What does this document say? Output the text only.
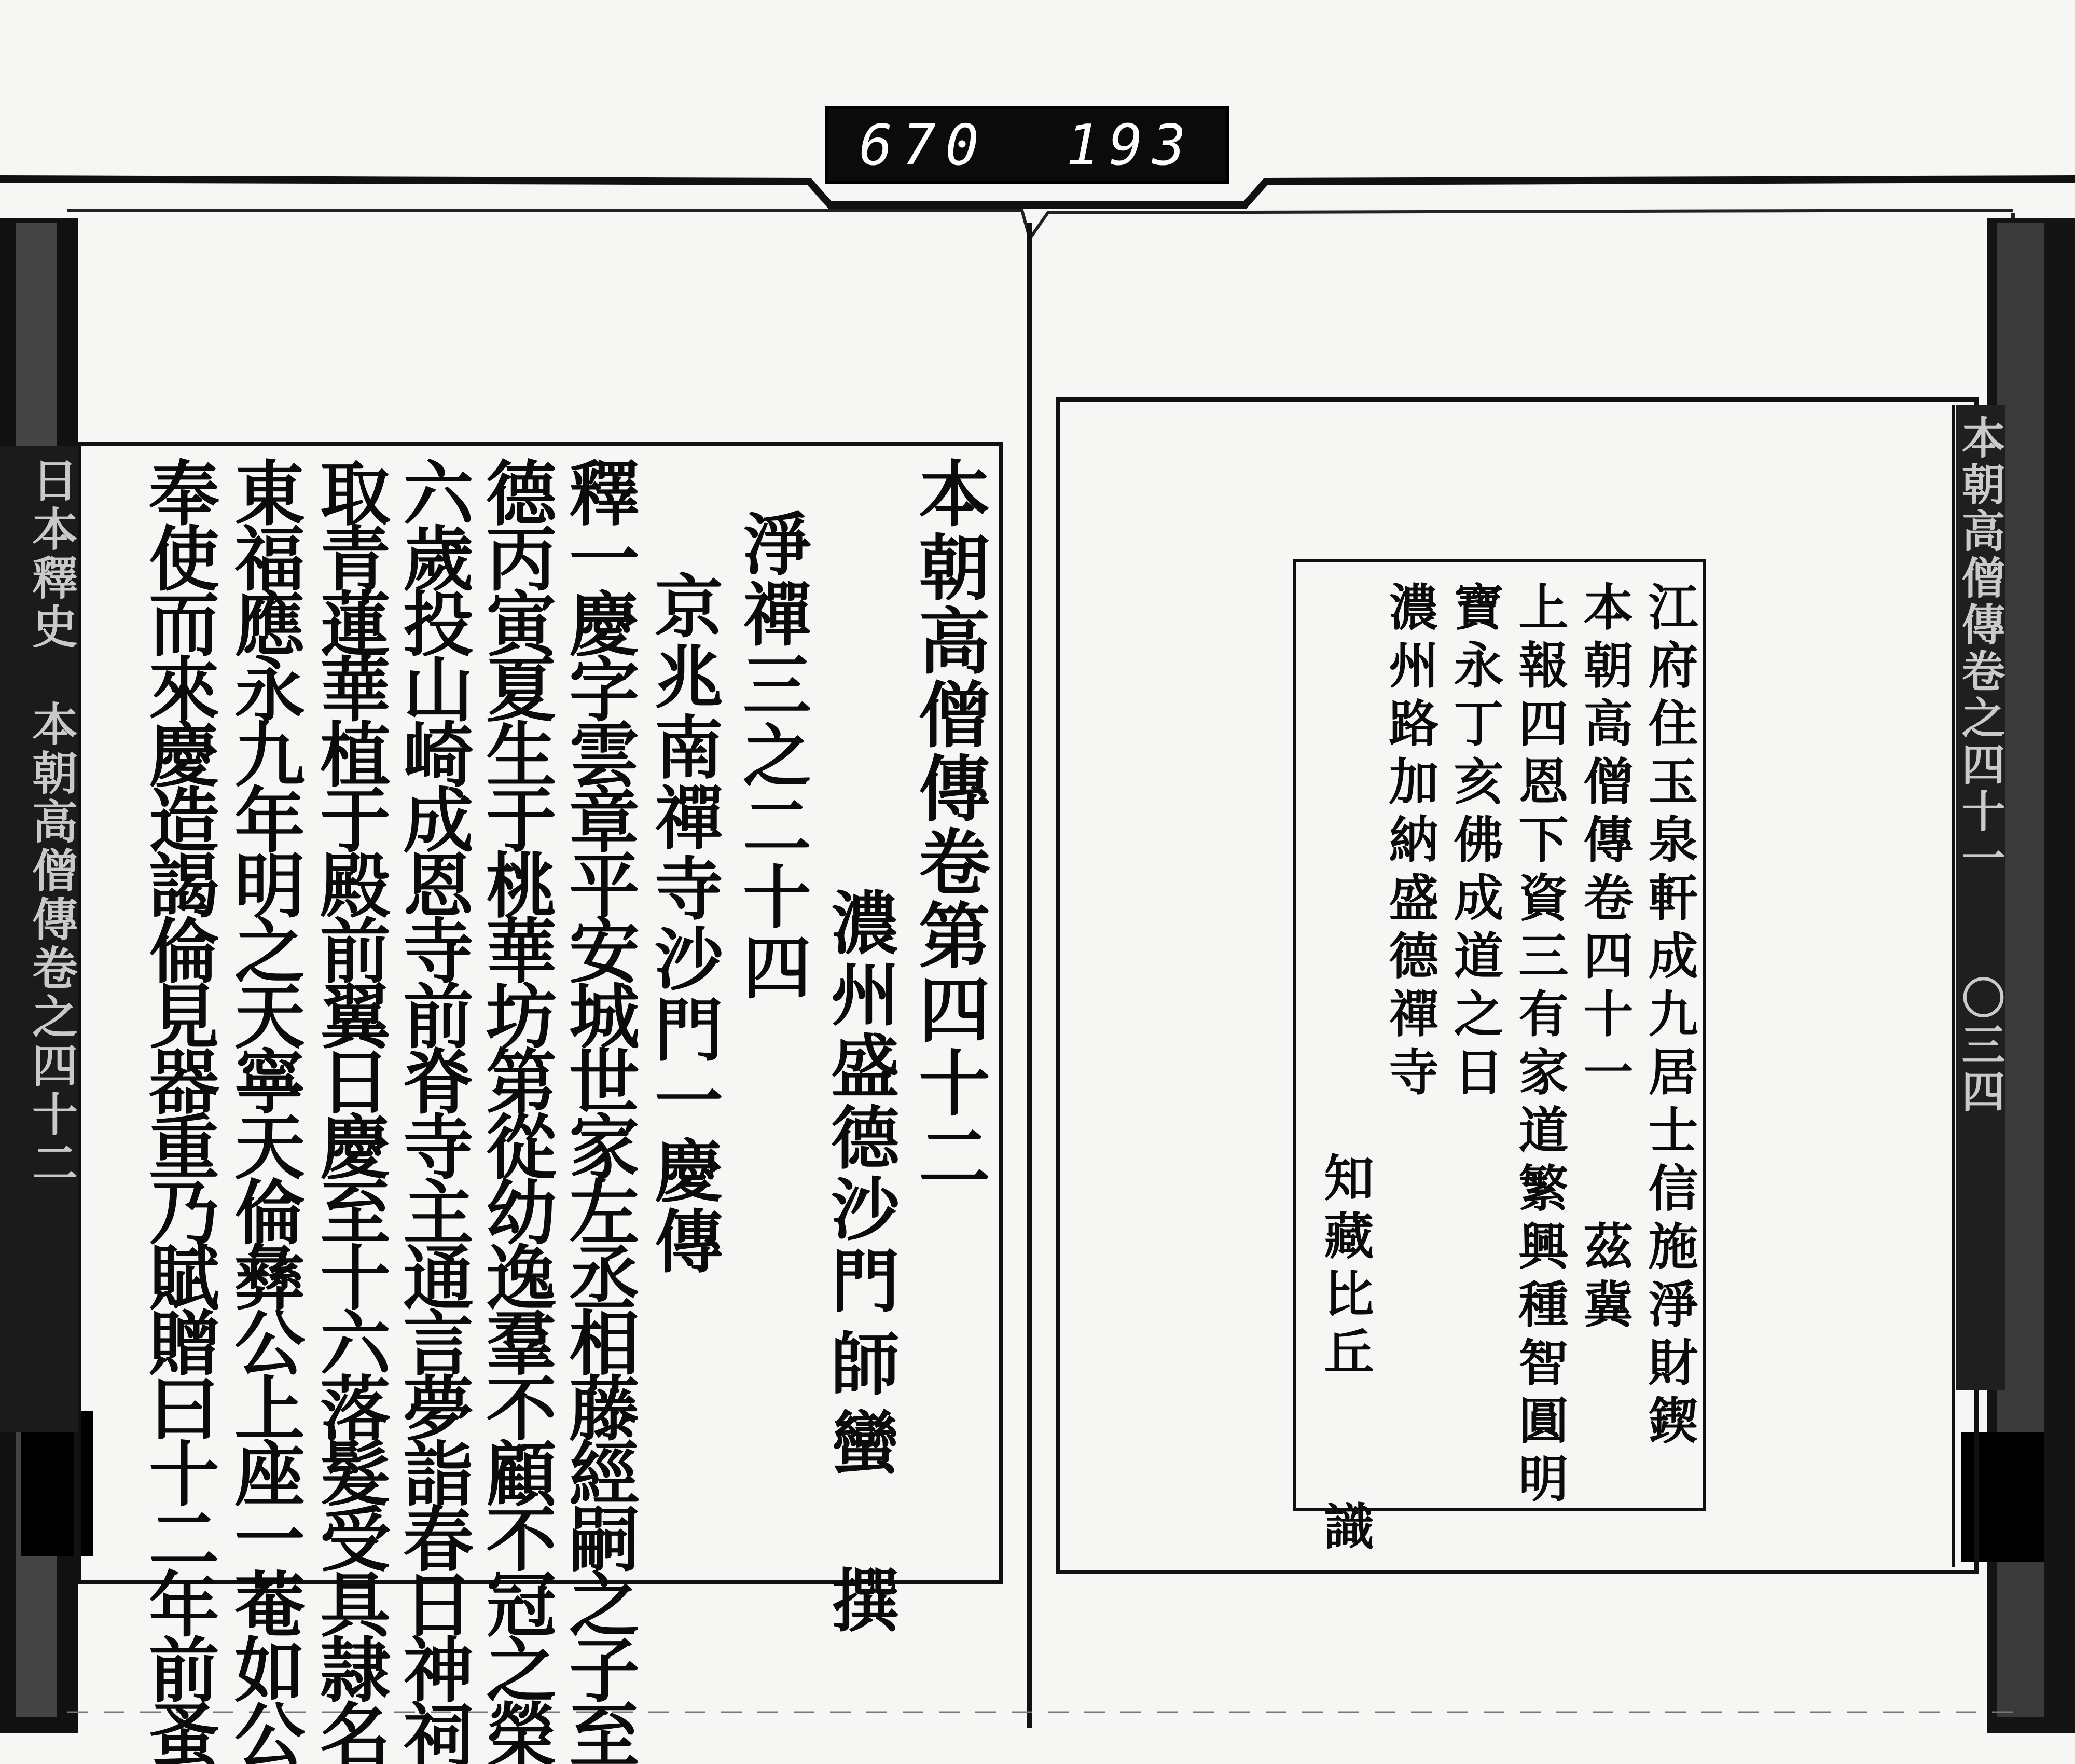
670 193
日本釋史　本朝高僧傳卷之四十二	本朝高僧傳卷第四十二
濃州盛德沙門
師蠻　撰
淨禪三之二十四
京兆南禪寺沙門一慶傳
釋一慶字雲章平安城世家左丞相藤經嗣之子至
德丙寅夏生于桃華坊第從幼逸羣不顧不冠之榮
六歲投山崎成恩寺前脊寺主通言夢詣春日神祠
取青蓮華植于殿前翼日慶至十六落髮受具隷名
東福應永九年明之天寧天倫彝公上座一菴如公
奉使而來慶造謁倫見器重乃賦贈曰十二年前蚤	江府住玉泉軒成九居士信施淨財鍥
本朝高僧傳卷四十一　　茲冀
上報四恩下資三有家道繁興種智圓明
寶永丁亥佛成道之日
濃州路加納盛德禪寺
知藏比丘　　識
本朝高僧傳卷之四十一　　〇三四
